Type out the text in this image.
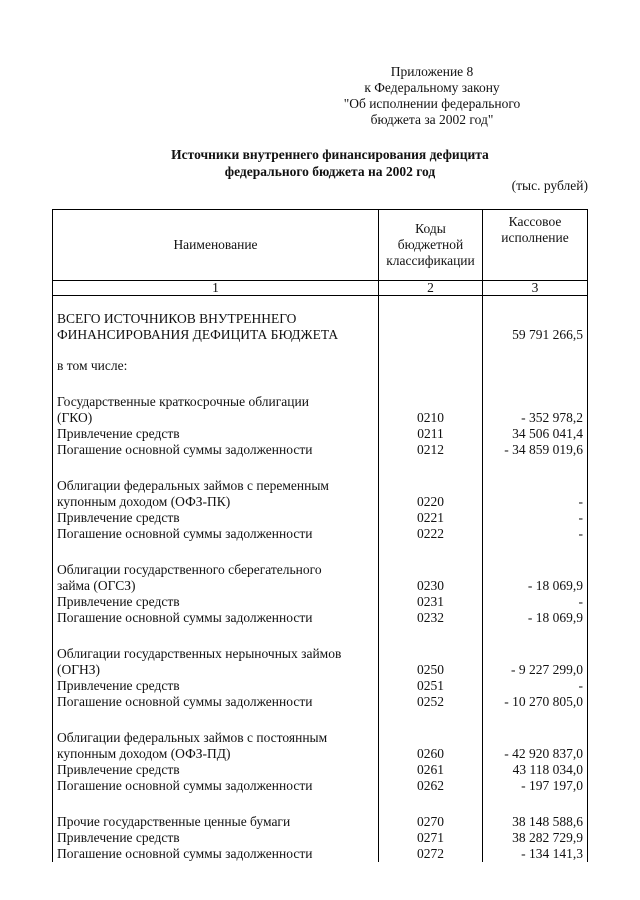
Приложение 8
к Федеральному закону
"Об исполнении федерального
бюджета за 2002 год"
Источники внутреннего финансирования дефицита
федерального бюджета на 2002 год
(тыс. рублей)
Наименование	Коды бюджетной классификации	Кассовое исполнение
1	2	3

ВСЕГО ИСТОЧНИКОВ ВНУТРЕННЕГО
ФИНАНСИРОВАНИЯ ДЕФИЦИТА БЮДЖЕТА		59 791 266,5

в том числе:		

Государственные краткосрочные облигации
(ГКО)	0210	- 352 978,2
Привлечение средств	0211	34 506 041,4
Погашение основной суммы задолженности	0212	- 34 859 019,6

Облигации федеральных займов с переменным
купонным доходом (ОФЗ-ПК)	0220	-
Привлечение средств	0221	-
Погашение основной суммы задолженности	0222	-

Облигации государственного сберегательного
займа (ОГСЗ)	0230	- 18 069,9
Привлечение средств	0231	-
Погашение основной суммы задолженности	0232	- 18 069,9

Облигации государственных нерыночных займов
(ОГНЗ)	0250	- 9 227 299,0
Привлечение средств	0251	-
Погашение основной суммы задолженности	0252	- 10 270 805,0

Облигации федеральных займов с постоянным
купонным доходом (ОФЗ-ПД)	0260	- 42 920 837,0
Привлечение средств	0261	43 118 034,0
Погашение основной суммы задолженности	0262	- 197 197,0

Прочие государственные ценные бумаги	0270	38 148 588,6
Привлечение средств	0271	38 282 729,9
Погашение основной суммы задолженности	0272	- 134 141,3
